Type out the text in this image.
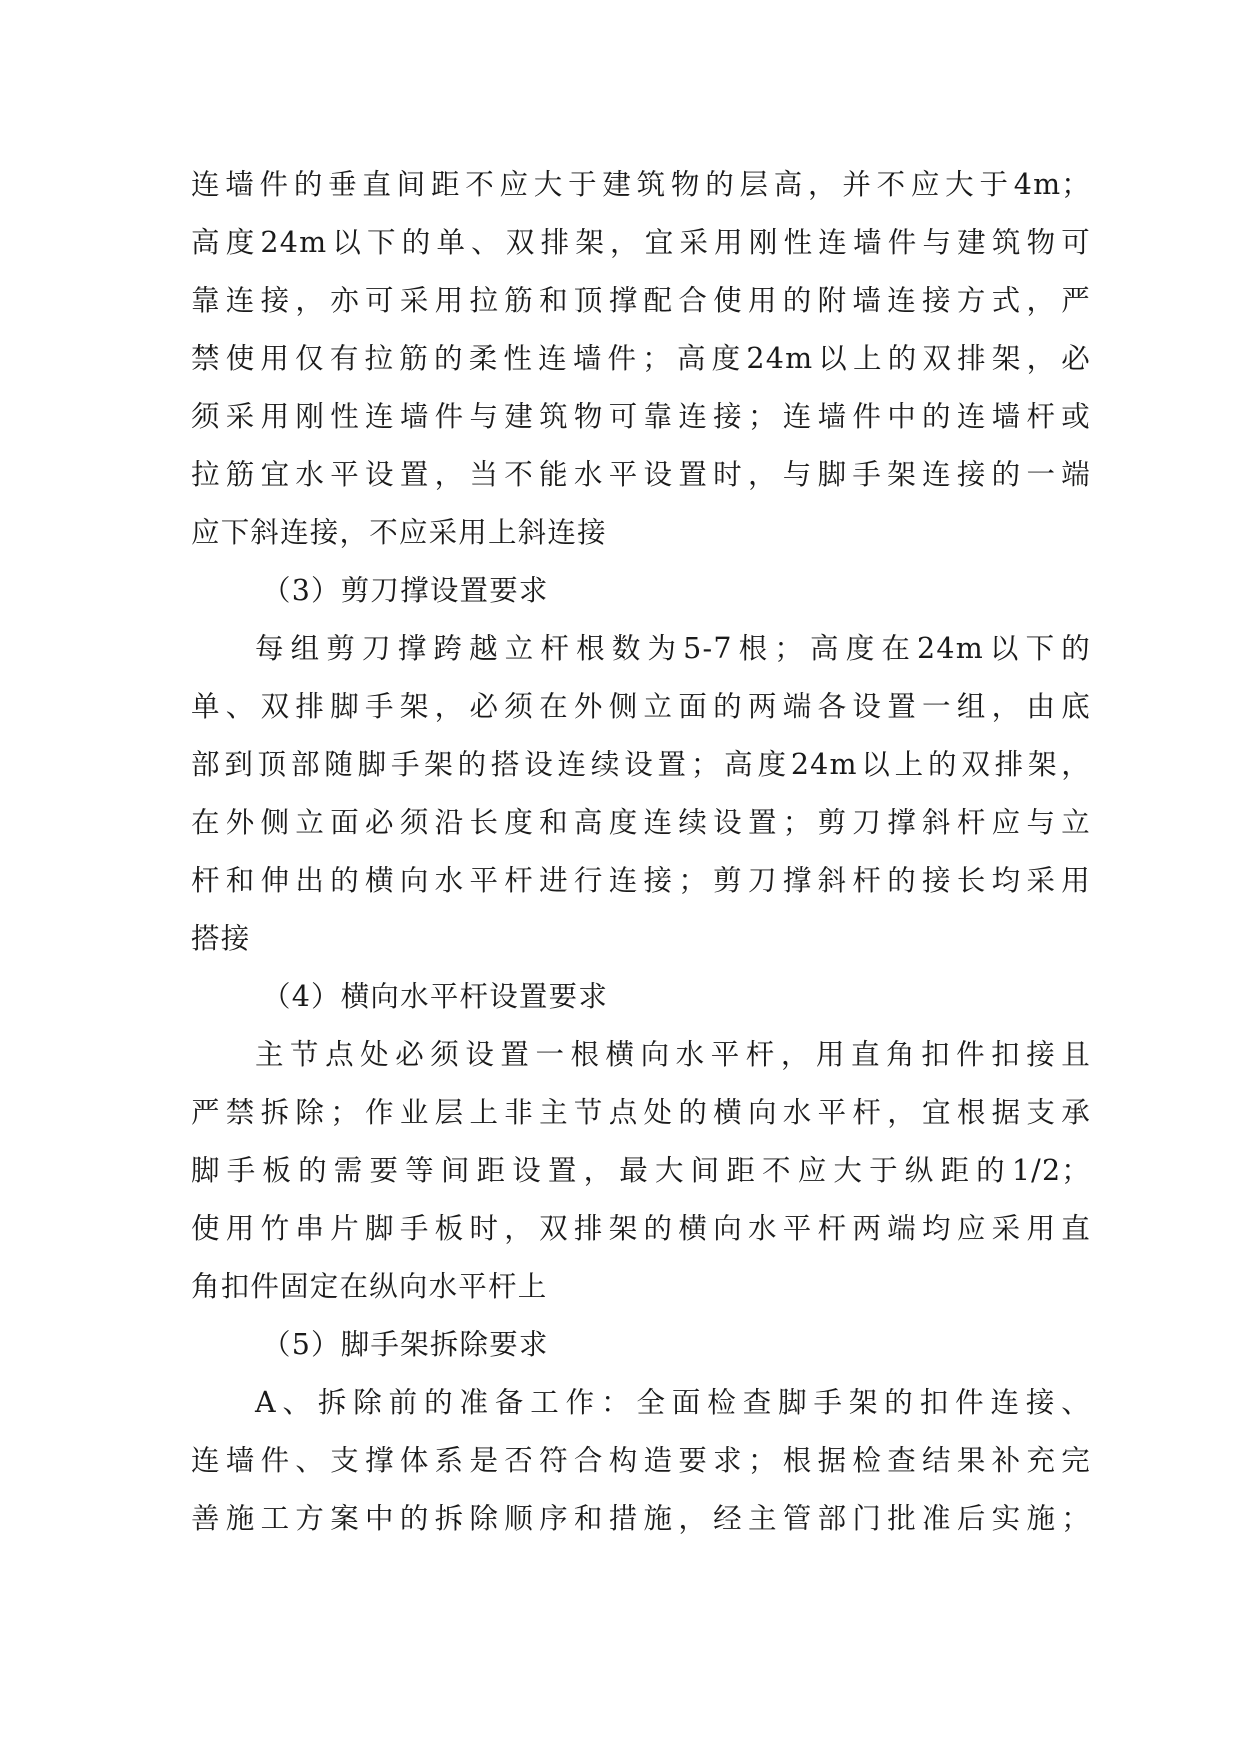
连墙件的垂直间距不应大于建筑物的层高，并不应大于4m；
高度24m以下的单、双排架，宜采用刚性连墙件与建筑物可
靠连接，亦可采用拉筋和顶撑配合使用的附墙连接方式，严
禁使用仅有拉筋的柔性连墙件；高度24m以上的双排架，必
须采用刚性连墙件与建筑物可靠连接；连墙件中的连墙杆或
拉筋宜水平设置，当不能水平设置时，与脚手架连接的一端
应下斜连接，不应采用上斜连接
（3）剪刀撑设置要求
每组剪刀撑跨越立杆根数为5-7根；高度在24m以下的
单、双排脚手架，必须在外侧立面的两端各设置一组，由底
部到顶部随脚手架的搭设连续设置；高度24m以上的双排架，
在外侧立面必须沿长度和高度连续设置；剪刀撑斜杆应与立
杆和伸出的横向水平杆进行连接；剪刀撑斜杆的接长均采用
搭接
（4）横向水平杆设置要求
主节点处必须设置一根横向水平杆，用直角扣件扣接且
严禁拆除；作业层上非主节点处的横向水平杆，宜根据支承
脚手板的需要等间距设置，最大间距不应大于纵距的1/2；
使用竹串片脚手板时，双排架的横向水平杆两端均应采用直
角扣件固定在纵向水平杆上
（5）脚手架拆除要求
A、拆除前的准备工作：全面检查脚手架的扣件连接、
连墙件、支撑体系是否符合构造要求；根据检查结果补充完
善施工方案中的拆除顺序和措施，经主管部门批准后实施；
